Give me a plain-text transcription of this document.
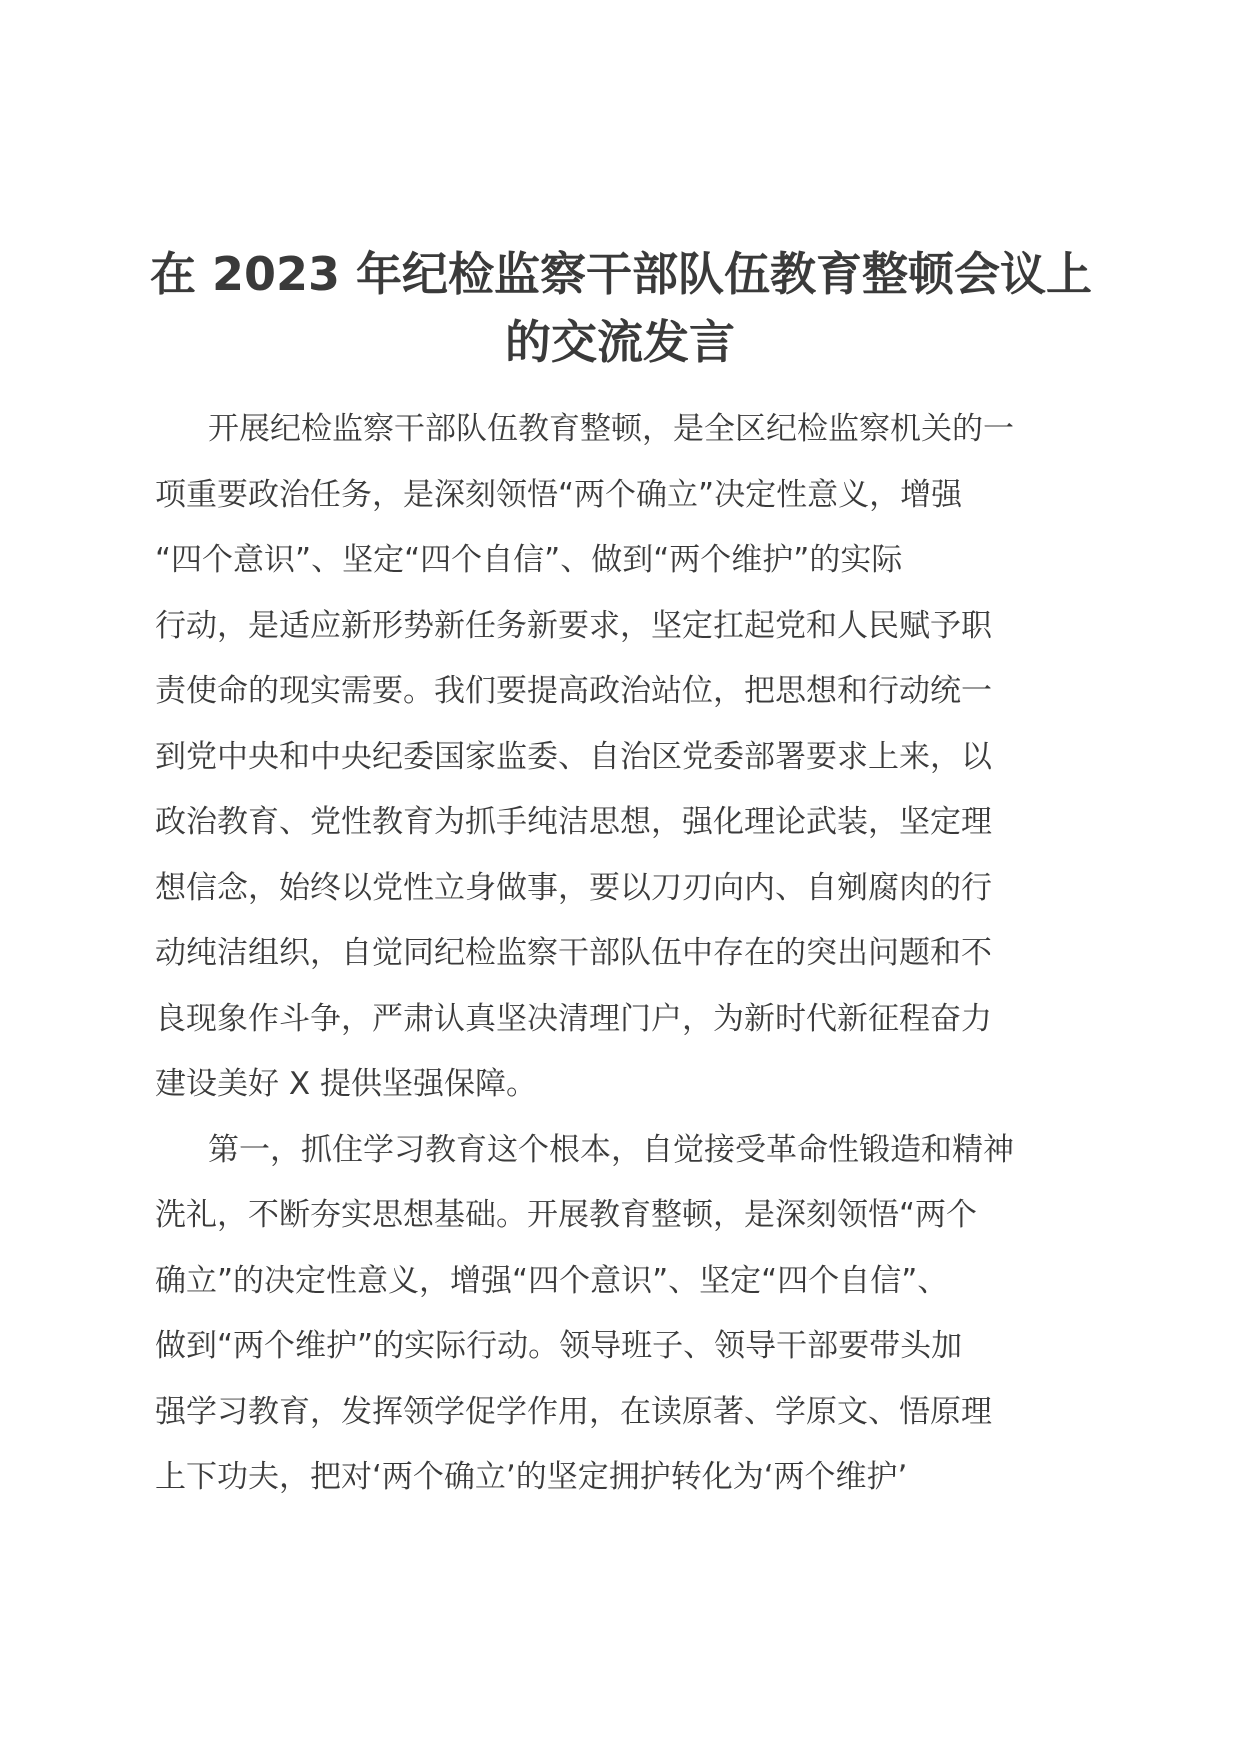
在 2023 年纪检监察干部队伍教育整顿会议上
的交流发言

开展纪检监察干部队伍教育整顿，是全区纪检监察机关的一
项重要政治任务，是深刻领悟“两个确立”决定性意义，增强
“四个意识”、坚定“四个自信”、做到“两个维护”的实际
行动，是适应新形势新任务新要求，坚定扛起党和人民赋予职
责使命的现实需要。我们要提高政治站位，把思想和行动统一
到党中央和中央纪委国家监委、自治区党委部署要求上来，以
政治教育、党性教育为抓手纯洁思想，强化理论武装，坚定理
想信念，始终以党性立身做事，要以刀刃向内、自剜腐肉的行
动纯洁组织，自觉同纪检监察干部队伍中存在的突出问题和不
良现象作斗争，严肃认真坚决清理门户，为新时代新征程奋力
建设美好 X 提供坚强保障。

第一，抓住学习教育这个根本，自觉接受革命性锻造和精神
洗礼，不断夯实思想基础。开展教育整顿，是深刻领悟“两个
确立”的决定性意义，增强“四个意识”、坚定“四个自信”、
做到“两个维护”的实际行动。领导班子、领导干部要带头加
强学习教育，发挥领学促学作用，在读原著、学原文、悟原理
上下功夫，把对‘两个确立’的坚定拥护转化为‘两个维护’
